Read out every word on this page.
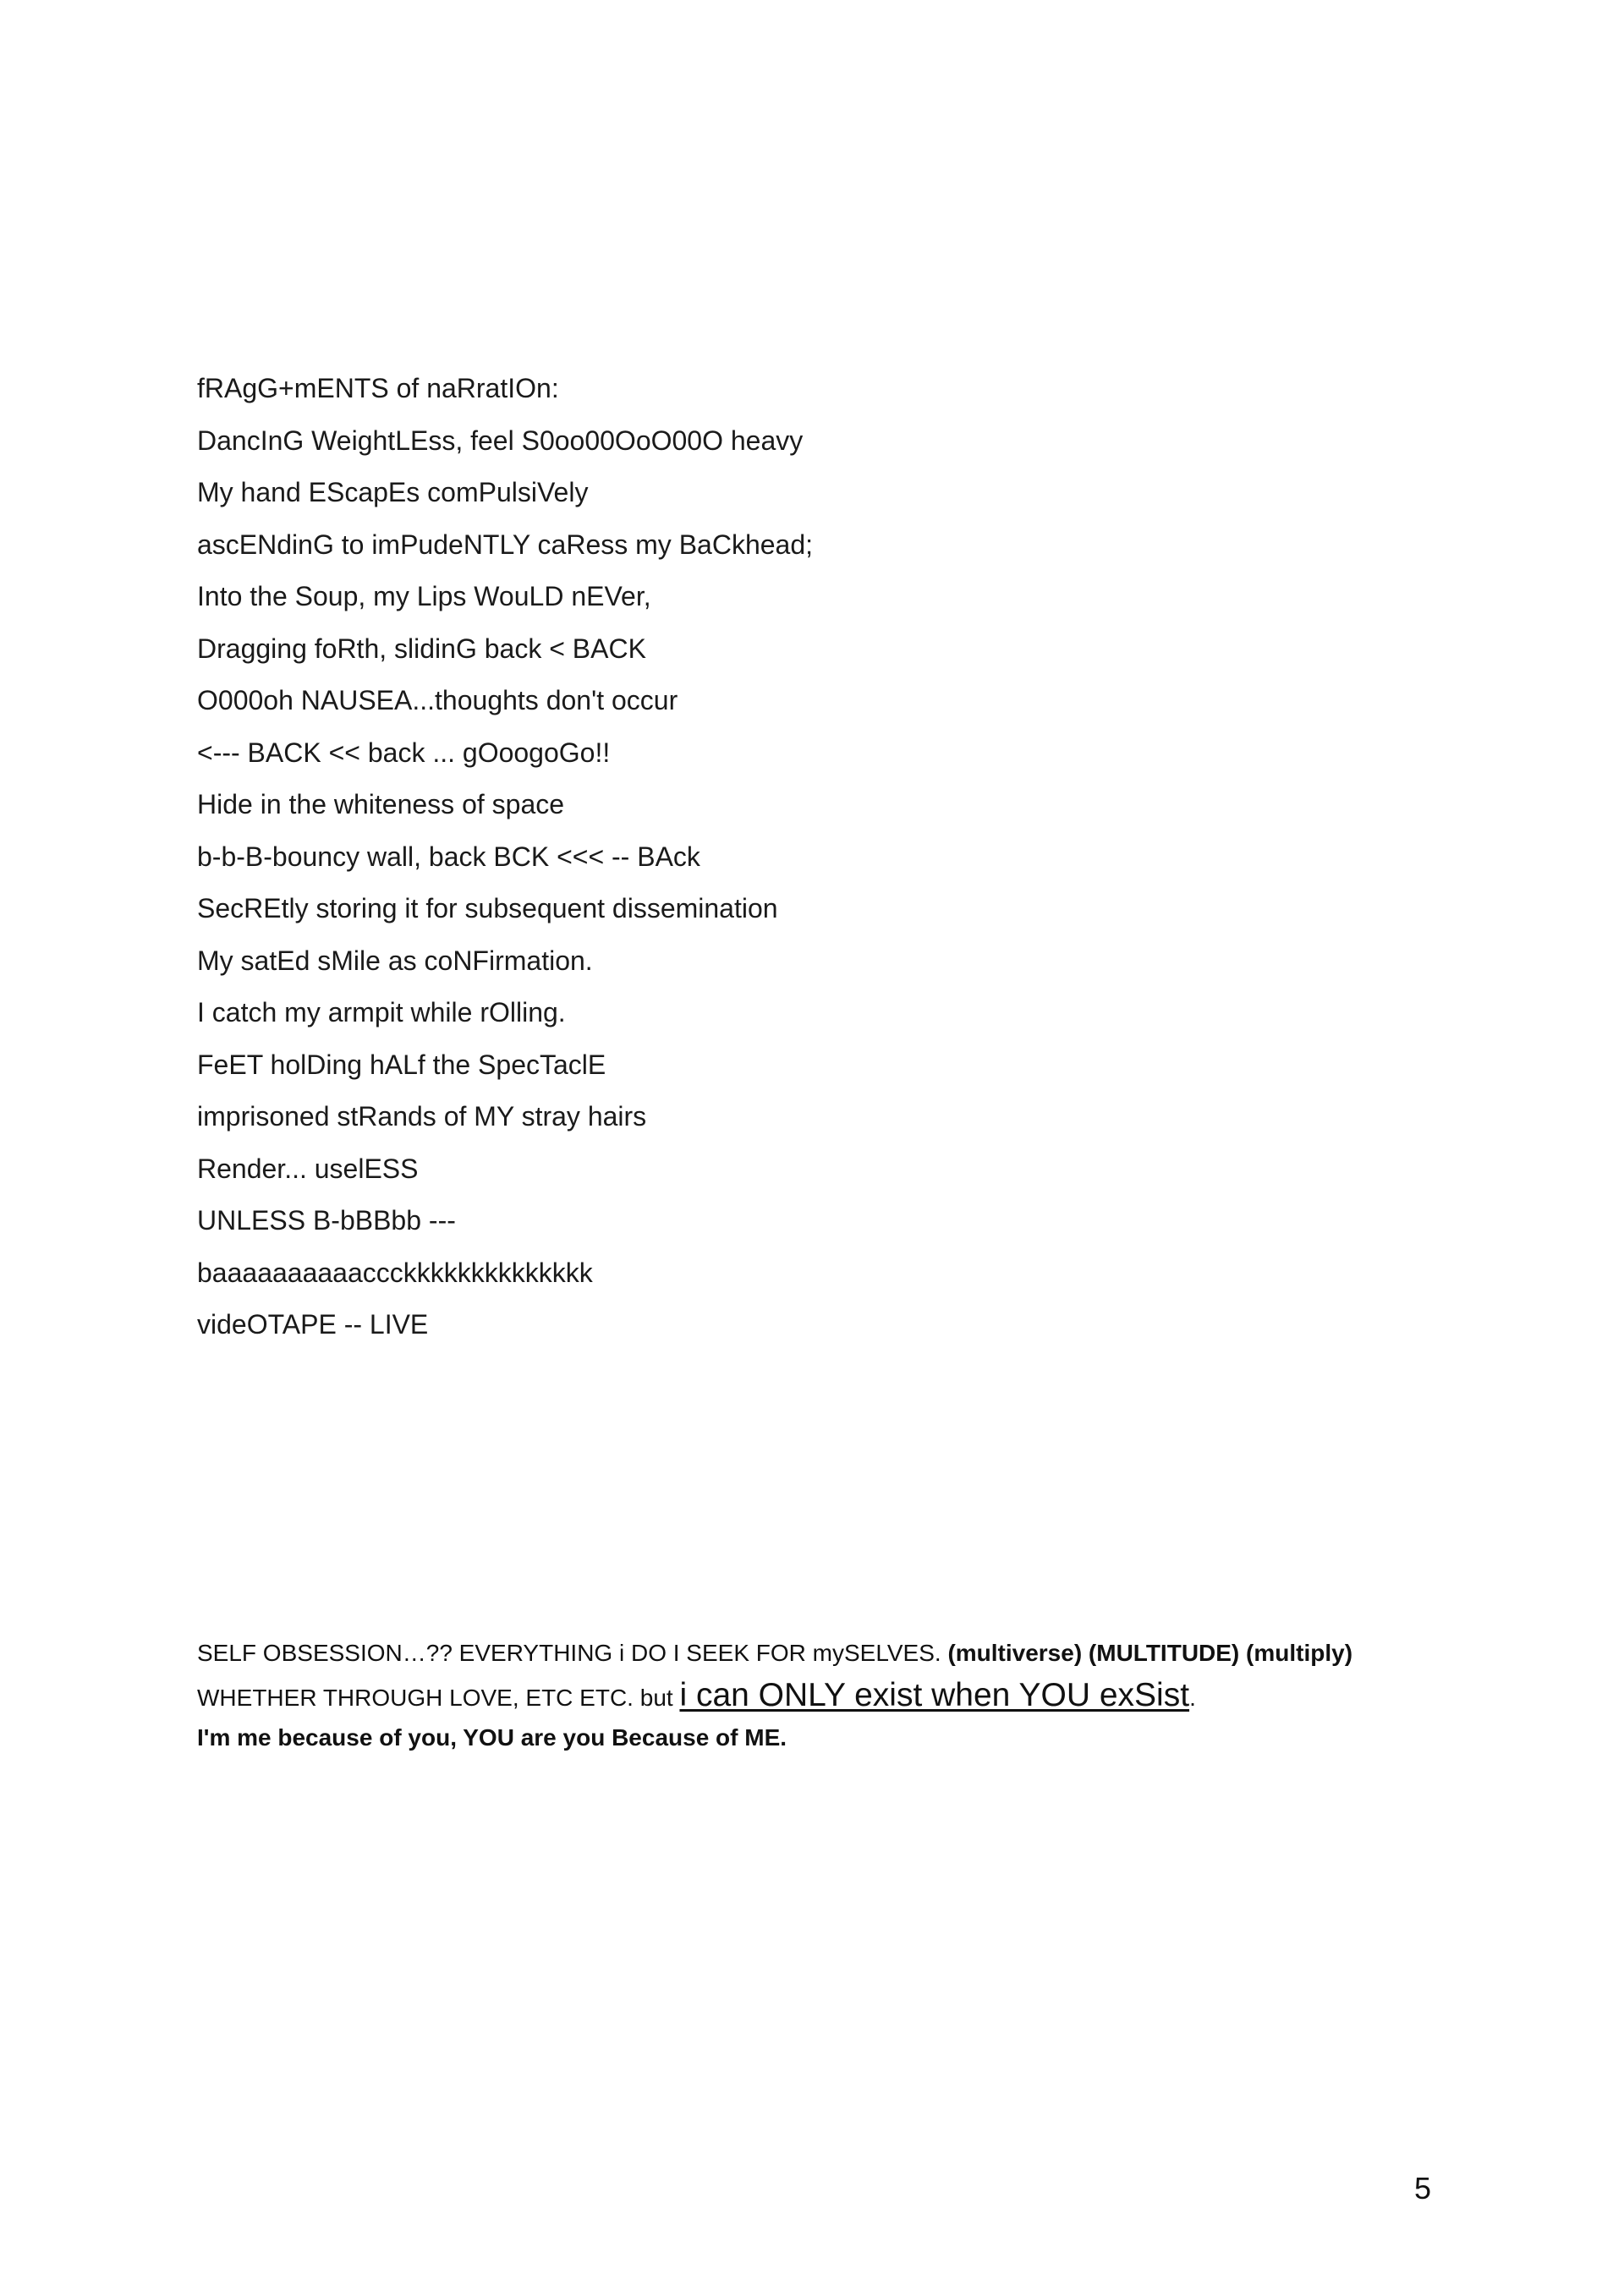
fRAgG+mENTS of naRratIOn:
DancInG WeightLEss, feel S0oo00OoO00O heavy
My hand EScapEs comPulsiVely
ascENdinG to imPudeNTLY caRess my BaCkhead;
Into the Soup, my Lips WouLD nEVer,
Dragging foRth, slidinG back < BACK
O000oh NAUSEA...thoughts don't occur
<--- BACK << back ... gOoogoGo!!
Hide in the whiteness of space
b-b-B-bouncy wall, back BCK <<< -- BAck
SecREtly storing it for subsequent dissemination
My satEd sMile as coNFirmation.
I catch my armpit while rOlling.
FeET holDing hALf the SpecTaclE
imprisoned stRands of MY stray hairs
Render... uselESS
UNLESS B-bBBbb ---
baaaaaaaaaaccckkkkkkkkkkkkkk
videOTAPE -- LIVE
SELF OBSESSION…?? EVERYTHING i DO I SEEK FOR mySELVES. (multiverse) (MULTITUDE) (multiply)
WHETHER THROUGH LOVE, ETC ETC. but i can ONLY exist when YOU exSist.
I'm me because of you, YOU are you Because of ME.
5
